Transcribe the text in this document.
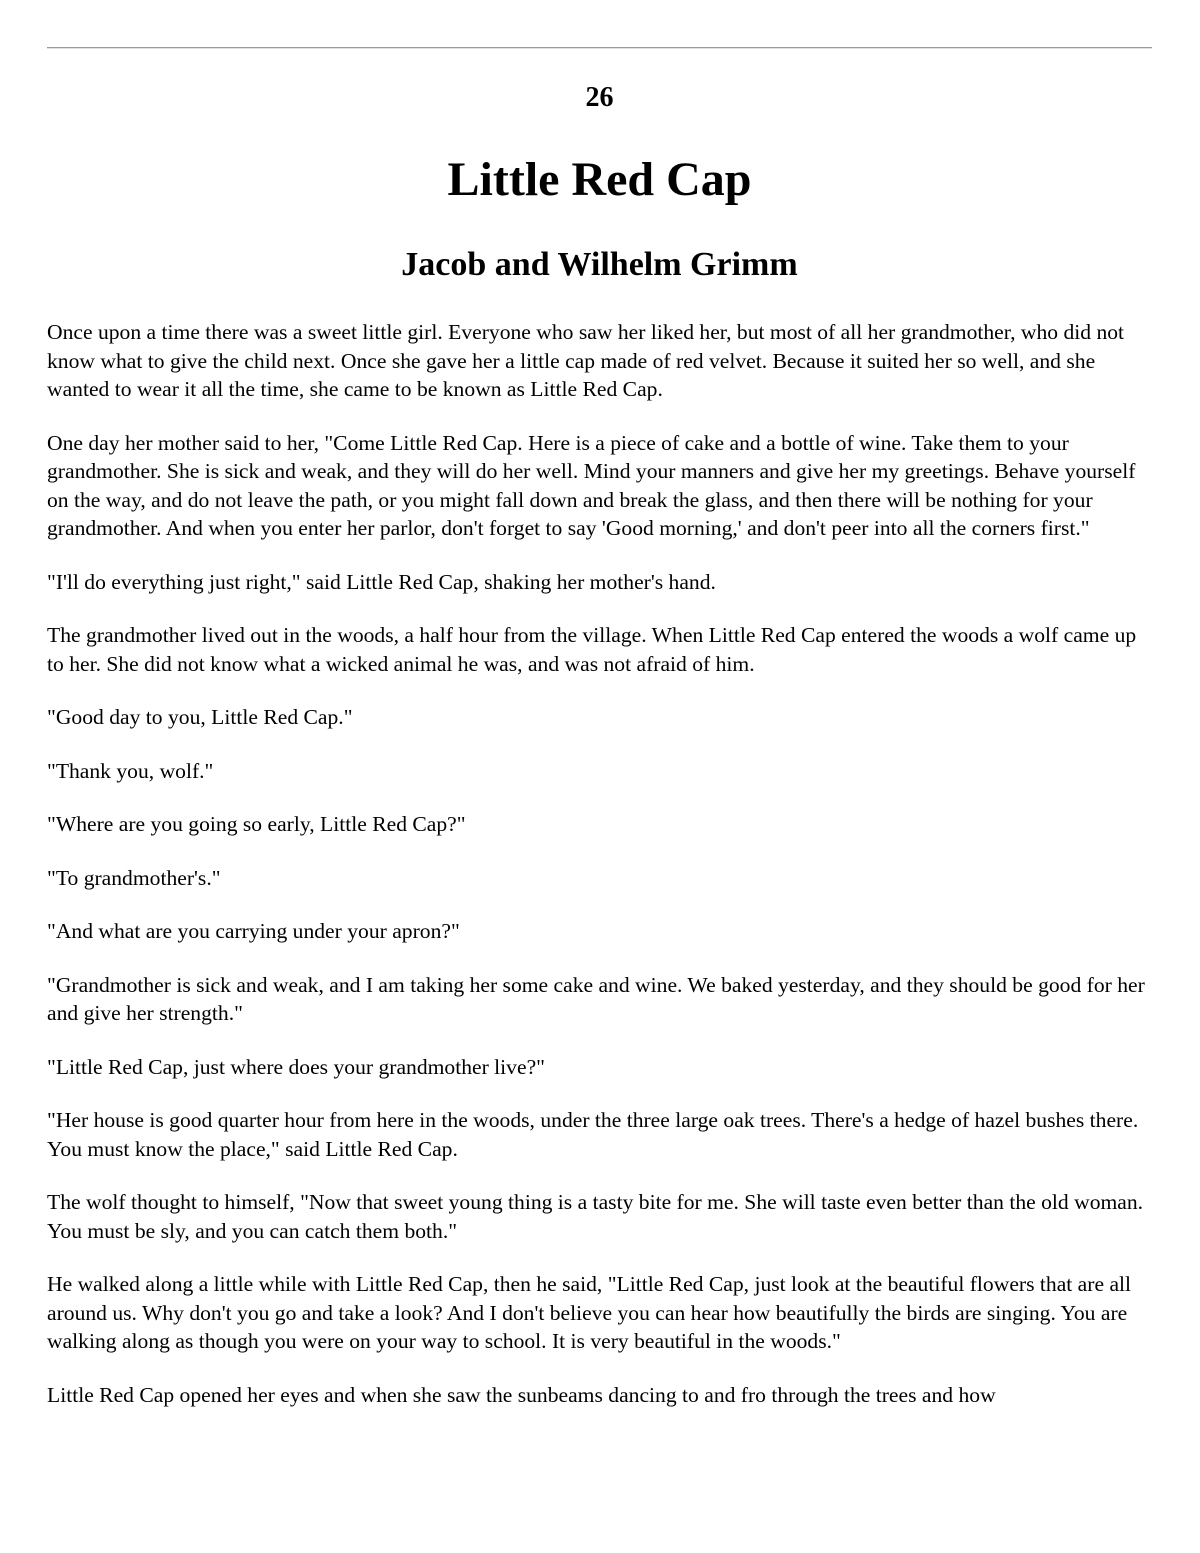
26
Little Red Cap
Jacob and Wilhelm Grimm

Once upon a time there was a sweet little girl. Everyone who saw her liked her, but most of all her grandmother, who did not know what to give the child next. Once she gave her a little cap made of red velvet. Because it suited her so well, and she wanted to wear it all the time, she came to be known as Little Red Cap.

One day her mother said to her, "Come Little Red Cap. Here is a piece of cake and a bottle of wine. Take them to your grandmother. She is sick and weak, and they will do her well. Mind your manners and give her my greetings. Behave yourself on the way, and do not leave the path, or you might fall down and break the glass, and then there will be nothing for your grandmother. And when you enter her parlor, don't forget to say 'Good morning,' and don't peer into all the corners first."

"I'll do everything just right," said Little Red Cap, shaking her mother's hand.

The grandmother lived out in the woods, a half hour from the village. When Little Red Cap entered the woods a wolf came up to her. She did not know what a wicked animal he was, and was not afraid of him.

"Good day to you, Little Red Cap."

"Thank you, wolf."

"Where are you going so early, Little Red Cap?"

"To grandmother's."

"And what are you carrying under your apron?"

"Grandmother is sick and weak, and I am taking her some cake and wine. We baked yesterday, and they should be good for her and give her strength."

"Little Red Cap, just where does your grandmother live?"

"Her house is good quarter hour from here in the woods, under the three large oak trees. There's a hedge of hazel bushes there. You must know the place," said Little Red Cap.

The wolf thought to himself, "Now that sweet young thing is a tasty bite for me. She will taste even better than the old woman. You must be sly, and you can catch them both."

He walked along a little while with Little Red Cap, then he said, "Little Red Cap, just look at the beautiful flowers that are all around us. Why don't you go and take a look? And I don't believe you can hear how beautifully the birds are singing. You are walking along as though you were on your way to school. It is very beautiful in the woods."

Little Red Cap opened her eyes and when she saw the sunbeams dancing to and fro through the trees and how
